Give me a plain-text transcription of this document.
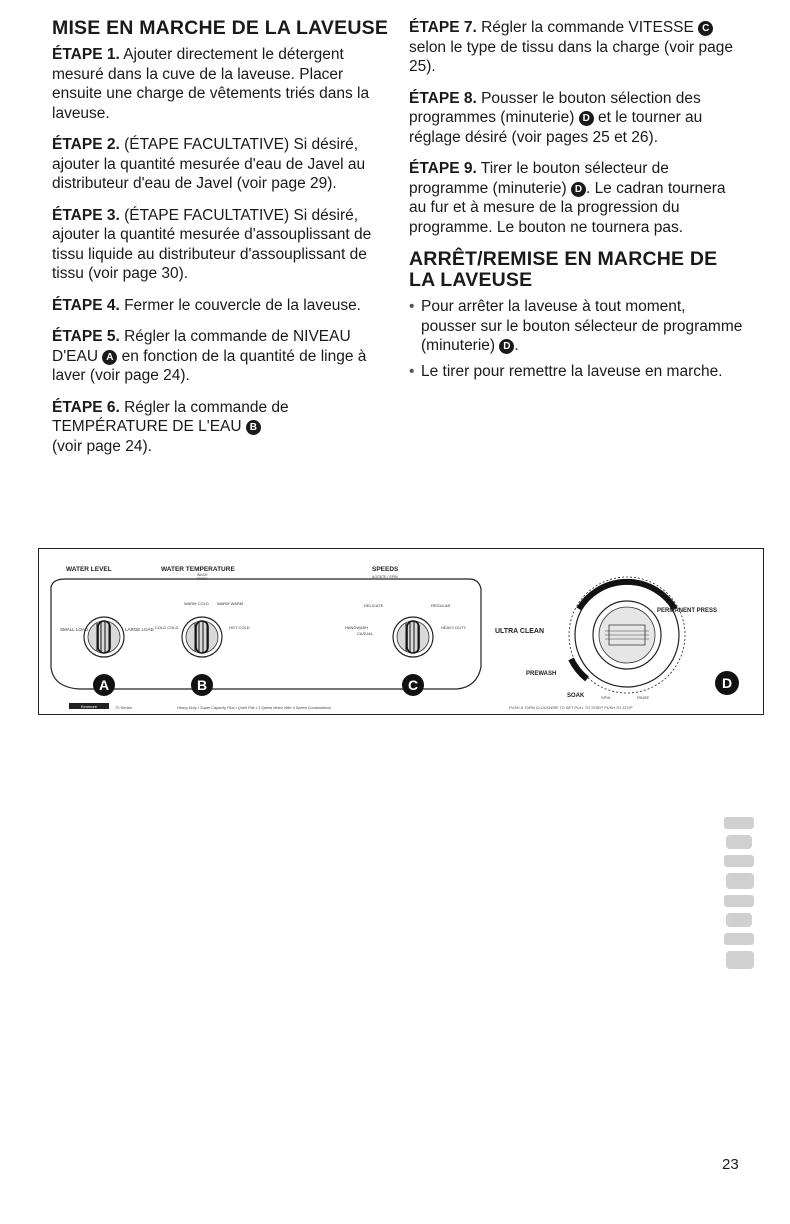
MISE EN MARCHE DE LA LAVEUSE

ÉTAPE 1. Ajouter directement le détergent mesuré dans la cuve de la laveuse. Placer ensuite une charge de vêtements triés dans la laveuse.

ÉTAPE 2. (ÉTAPE FACULTATIVE) Si désiré, ajouter la quantité mesurée d'eau de Javel au distributeur d'eau de Javel (voir page 29).

ÉTAPE 3. (ÉTAPE FACULTATIVE) Si désiré, ajouter la quantité mesurée d'assouplissant de tissu liquide au distributeur d'assouplissant de tissu (voir page 30).

ÉTAPE 4. Fermer le couvercle de la laveuse.

ÉTAPE 5. Régler la commande de NIVEAU D'EAU A en fonction de la quantité de linge à laver (voir page 24).

ÉTAPE 6. Régler la commande de TEMPÉRATURE DE L'EAU B
(voir page 24).

ÉTAPE 7. Régler la commande VITESSE C selon le type de tissu dans la charge (voir page 25).

ÉTAPE 8. Pousser le bouton sélection des programmes (minuterie) D et le tourner au réglage désiré (voir pages 25 et 26).

ÉTAPE 9. Tirer le bouton sélecteur de programme (minuterie) D . Le cadran tournera au fur et à mesure de la progression du programme. Le bouton ne tournera pas.

ARRÊT/REMISE EN MARCHE DE LA LAVEUSE
• Pour arrêter la laveuse à tout moment, pousser sur le bouton sélecteur de programme (minuterie) D .
• Le tirer pour remettre la laveuse en marche.
WATER LEVEL	WATER TEMPERATURE
WASH
RINSE
SPEEDS
AGITATE / SPIN
SMALL LOAD	LARGE LOAD
A
WARM COLD WARM WARM
COLD COLD	HOT COLD
B
DELICATE	REGULAR
HANDWASH
CASUAL
HEAVY DUTY
C
PERMANENT PRESS
ULTRA CLEAN
PREWASH
SOAK	SPIN	RINSE
D
Kenmore	70 Series	Heavy Duty • Super Capacity Plus • Quiet Pak • 3 Speed Motor With 4 Speed Combinations	PUSH & TURN CLOCKWISE TO SET PULL TO START PUSH TO STOP
23
